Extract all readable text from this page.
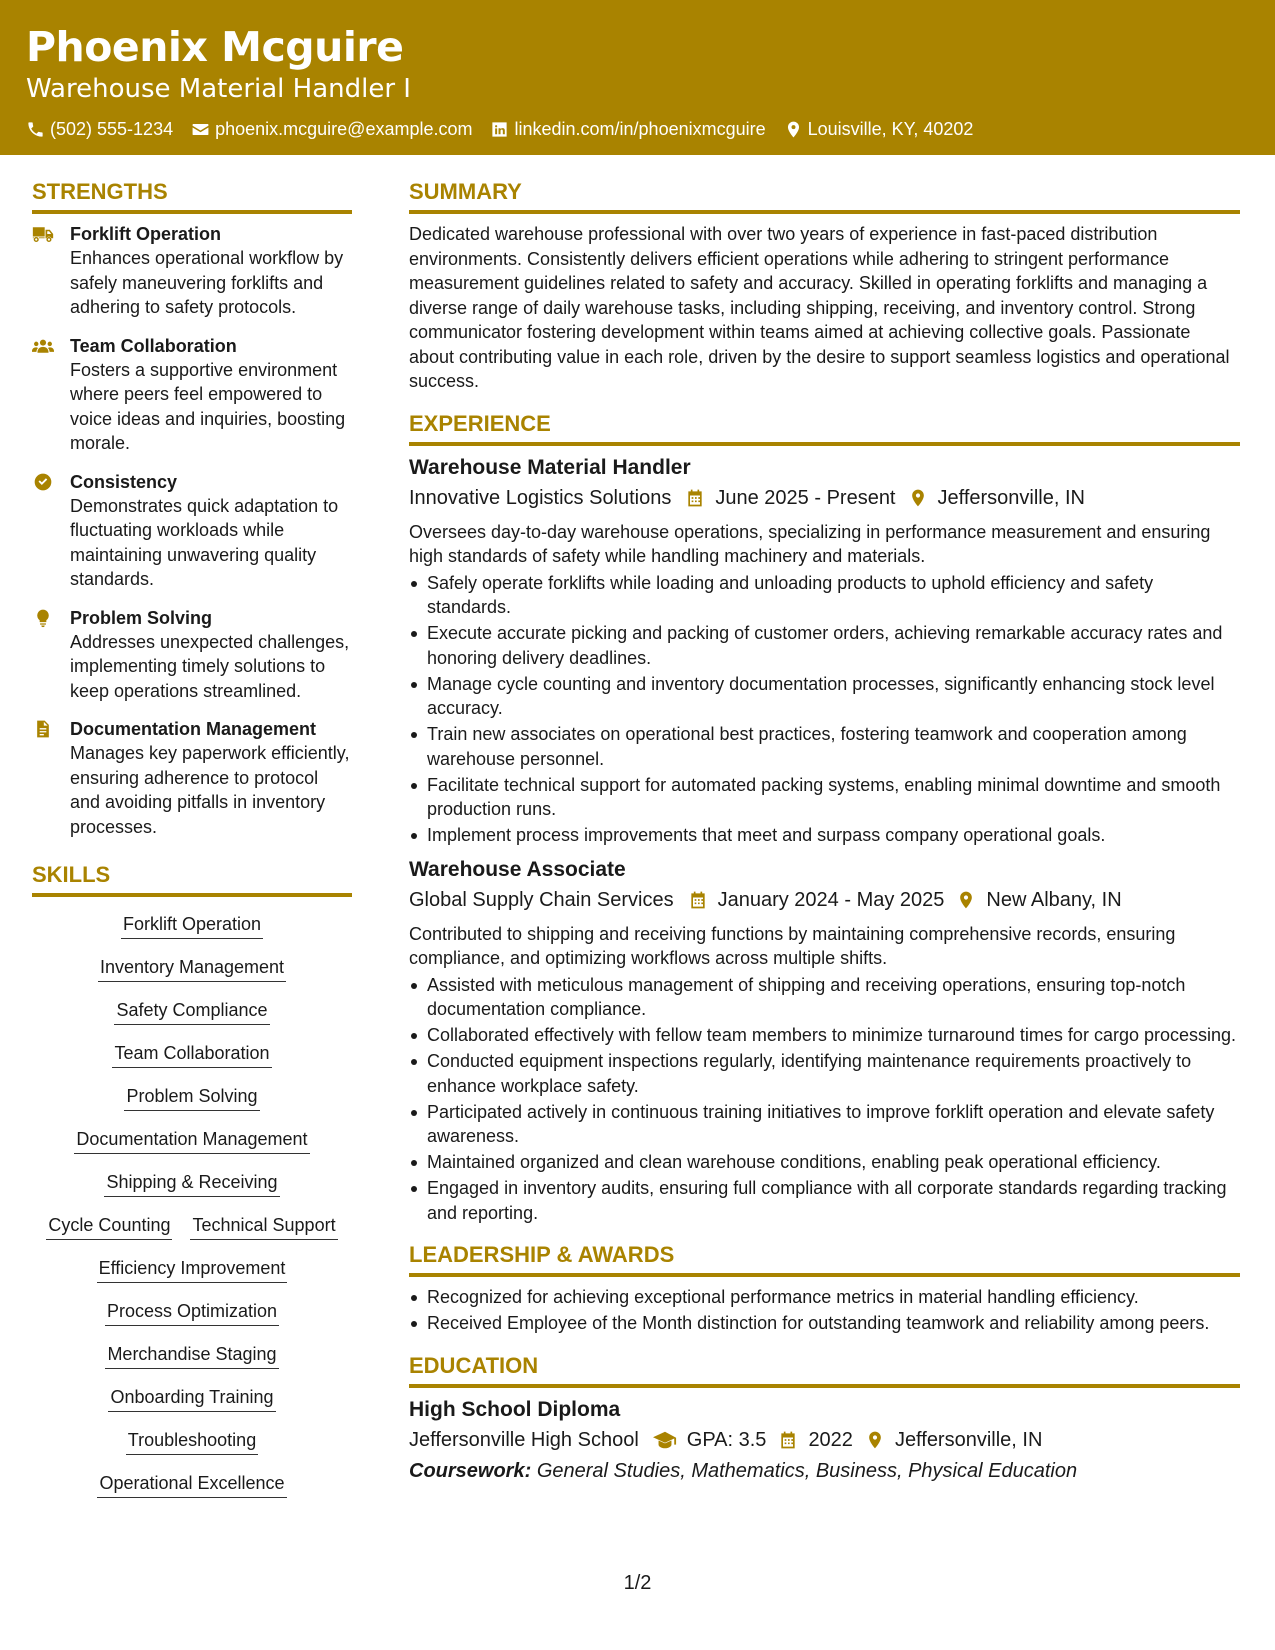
Phoenix Mcguire
Warehouse Material Handler I
(502) 555-1234 phoenix.mcguire@example.com linkedin.com/in/phoenixmcguire Louisville, KY, 40202
STRENGTHS
Forklift Operation
Enhances operational workflow by safely maneuvering forklifts and adhering to safety protocols.
Team Collaboration
Fosters a supportive environment where peers feel empowered to voice ideas and inquiries, boosting morale.
Consistency
Demonstrates quick adaptation to fluctuating workloads while maintaining unwavering quality standards.
Problem Solving
Addresses unexpected challenges, implementing timely solutions to keep operations streamlined.
Documentation Management
Manages key paperwork efficiently, ensuring adherence to protocol and avoiding pitfalls in inventory processes.
SKILLS
Forklift Operation
Inventory Management
Safety Compliance
Team Collaboration
Problem Solving
Documentation Management
Shipping & Receiving
Cycle Counting Technical Support
Efficiency Improvement
Process Optimization
Merchandise Staging
Onboarding Training
Troubleshooting
Operational Excellence
SUMMARY
Dedicated warehouse professional with over two years of experience in fast-paced distribution environments. Consistently delivers efficient operations while adhering to stringent performance measurement guidelines related to safety and accuracy. Skilled in operating forklifts and managing a diverse range of daily warehouse tasks, including shipping, receiving, and inventory control. Strong communicator fostering development within teams aimed at achieving collective goals. Passionate about contributing value in each role, driven by the desire to support seamless logistics and operational success.
EXPERIENCE
Warehouse Material Handler
Innovative Logistics Solutions June 2025 - Present Jeffersonville, IN
Oversees day-to-day warehouse operations, specializing in performance measurement and ensuring high standards of safety while handling machinery and materials.
Safely operate forklifts while loading and unloading products to uphold efficiency and safety standards.
Execute accurate picking and packing of customer orders, achieving remarkable accuracy rates and honoring delivery deadlines.
Manage cycle counting and inventory documentation processes, significantly enhancing stock level accuracy.
Train new associates on operational best practices, fostering teamwork and cooperation among warehouse personnel.
Facilitate technical support for automated packing systems, enabling minimal downtime and smooth production runs.
Implement process improvements that meet and surpass company operational goals.
Warehouse Associate
Global Supply Chain Services January 2024 - May 2025 New Albany, IN
Contributed to shipping and receiving functions by maintaining comprehensive records, ensuring compliance, and optimizing workflows across multiple shifts.
Assisted with meticulous management of shipping and receiving operations, ensuring top-notch documentation compliance.
Collaborated effectively with fellow team members to minimize turnaround times for cargo processing.
Conducted equipment inspections regularly, identifying maintenance requirements proactively to enhance workplace safety.
Participated actively in continuous training initiatives to improve forklift operation and elevate safety awareness.
Maintained organized and clean warehouse conditions, enabling peak operational efficiency.
Engaged in inventory audits, ensuring full compliance with all corporate standards regarding tracking and reporting.
LEADERSHIP & AWARDS
Recognized for achieving exceptional performance metrics in material handling efficiency.
Received Employee of the Month distinction for outstanding teamwork and reliability among peers.
EDUCATION
High School Diploma
Jeffersonville High School GPA: 3.5 2022 Jeffersonville, IN
Coursework: General Studies, Mathematics, Business, Physical Education
1/2
